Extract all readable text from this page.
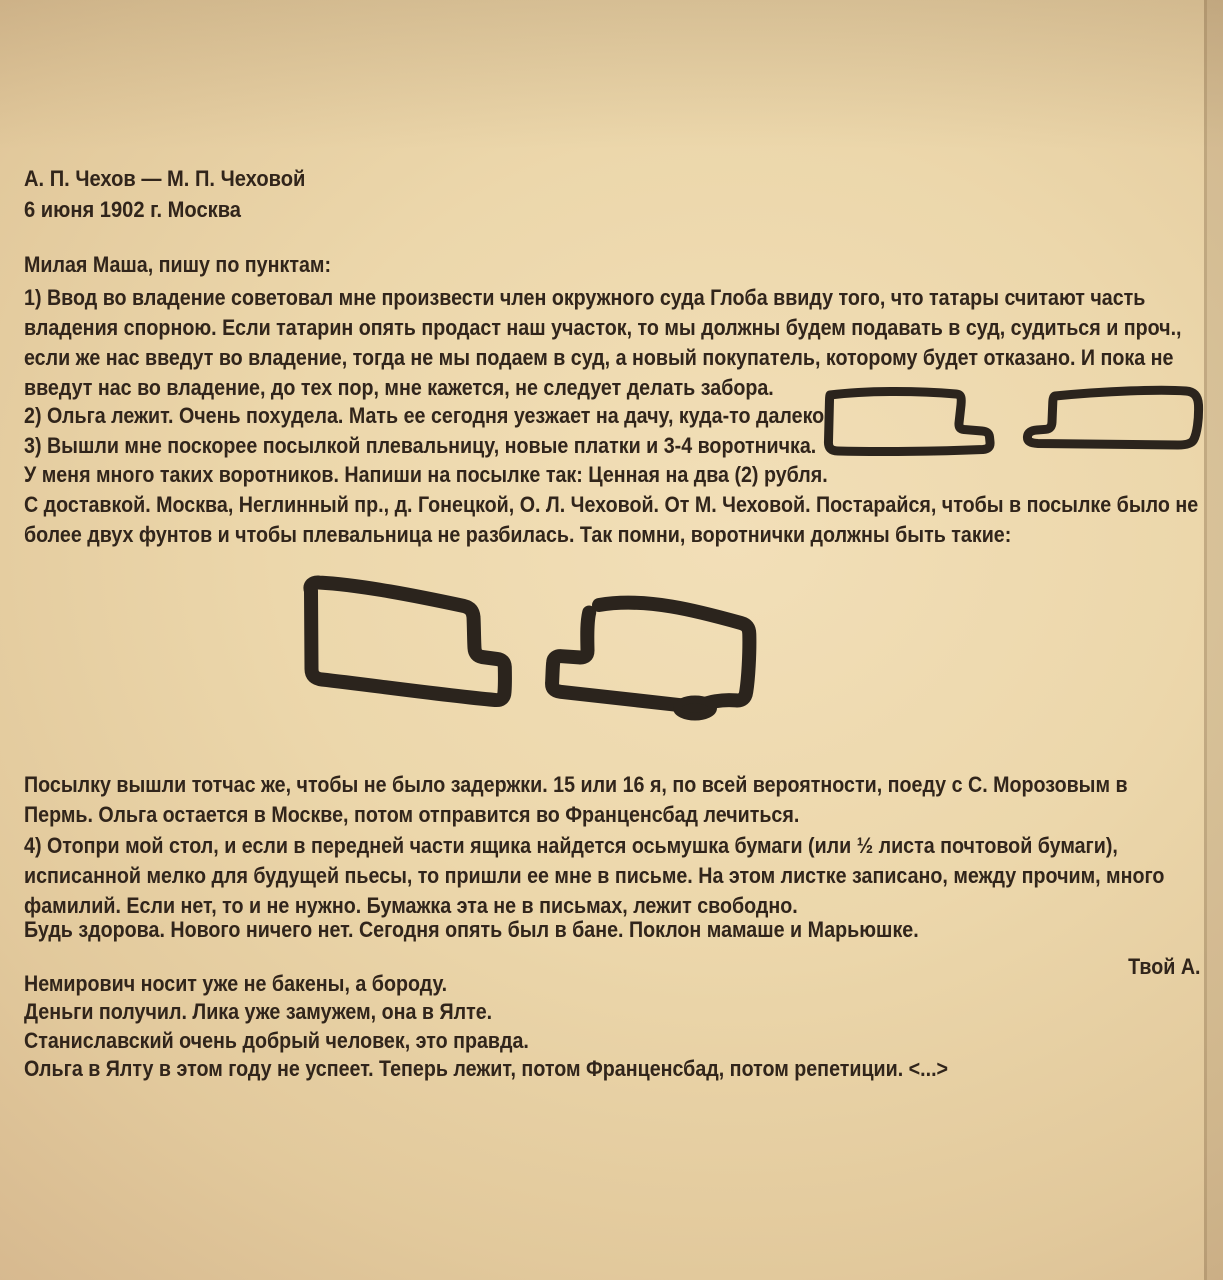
А. П. Чехов — М. П. Чеховой
6 июня 1902 г. Москва
Милая Маша, пишу по пунктам:
1) Ввод во владение советовал мне произвести член окружного суда Глоба ввиду того, что татары считают часть владения спорною. Если татарин опять продаст наш участок, то мы должны будем подавать в суд, судиться и проч., если же нас введут во владение, тогда не мы подаем в суд, а новый покупатель, которому будет отказано. И пока не введут нас во владение, до тех пор, мне кажется, не следует делать забора.
2) Ольга лежит. Очень похудела. Мать ее сегодня уезжает на дачу, куда-то далеко.
3) Вышли мне поскорее посылкой плевальницу, новые платки и 3-4 воротничка.
У меня много таких воротников. Напиши на посылке так: Ценная на два (2) рубля.
С доставкой. Москва, Неглинный пр., д. Гонецкой, О. Л. Чеховой. От М. Чеховой. Постарайся, чтобы в посылке было не более двух фунтов и чтобы плевальница не разбилась. Так помни, воротнички должны быть такие:
Посылку вышли тотчас же, чтобы не было задержки. 15 или 16 я, по всей вероятности, поеду с С. Морозовым в Пермь. Ольга остается в Москве, потом отправится во Франценсбад лечиться.
4) Отопри мой стол, и если в передней части ящика найдется осьмушка бумаги (или ½ листа почтовой бумаги), исписанной мелко для будущей пьесы, то пришли ее мне в письме. На этом листке записано, между прочим, много фамилий. Если нет, то и не нужно. Бумажка эта не в письмах, лежит свободно.
Будь здорова. Нового ничего нет. Сегодня опять был в бане. Поклон мамаше и Марьюшке.
Твой А.
Немирович носит уже не бакены, а бороду.
Деньги получил. Лика уже замужем, она в Ялте.
Станиславский очень добрый человек, это правда.
Ольга в Ялту в этом году не успеет. Теперь лежит, потом Франценсбад, потом репетиции. <...>
